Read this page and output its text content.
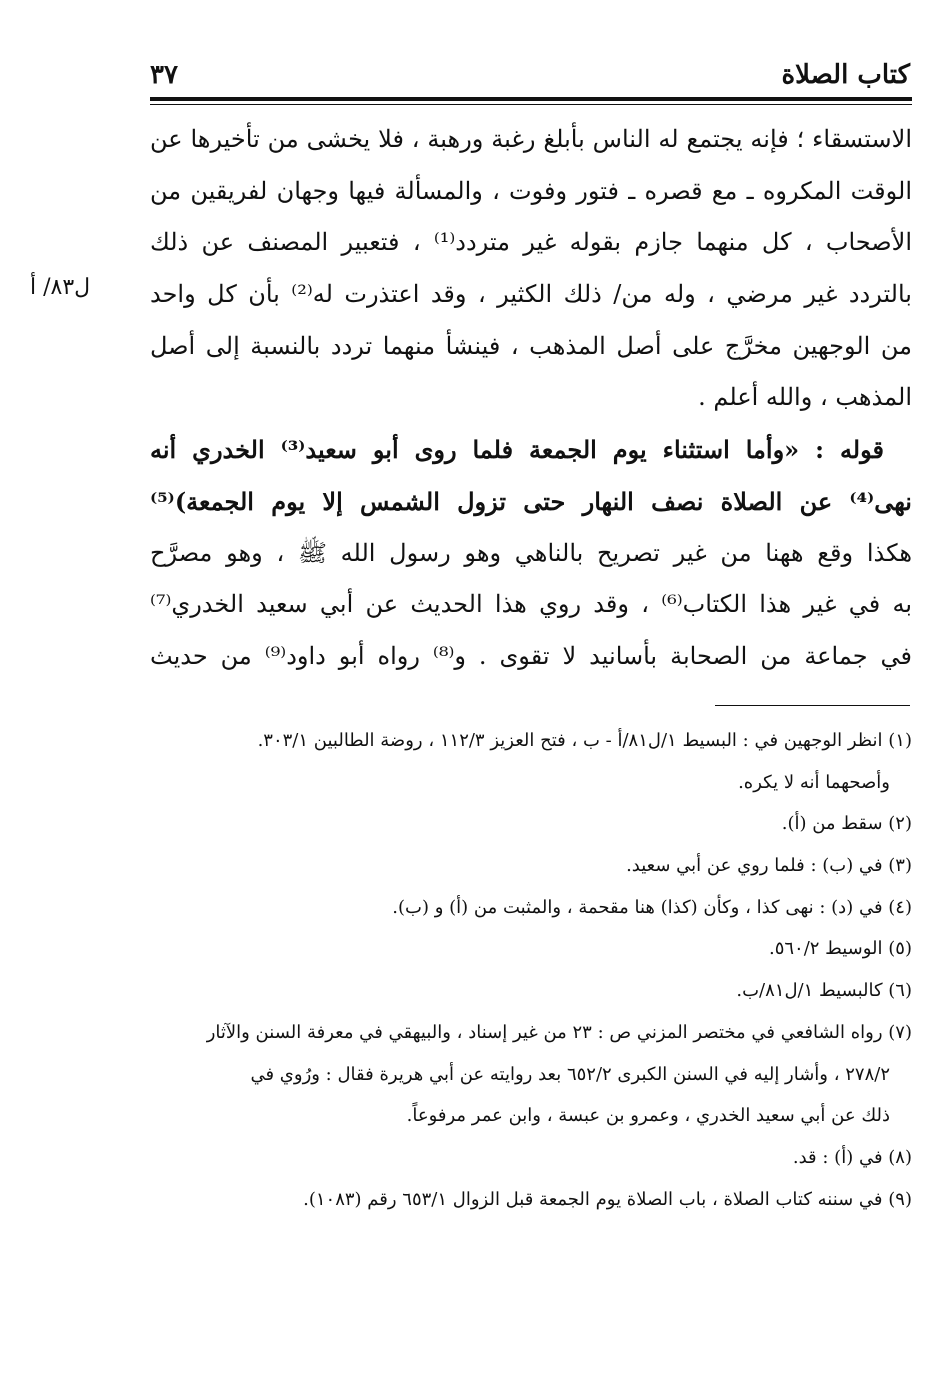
كتاب الصلاة
٣٧
ل٨٣/ أ
الاستسقاء ؛ فإنه يجتمع له الناس بأبلغ رغبة ورهبة ، فلا يخشى من تأخيرها عن
الوقت المكروه ـ مع قصره ـ فتور وفوت ، والمسألة فيها وجهان لفريقين من
الأصحاب ، كل منهما جازم بقوله غير متردد⁽¹⁾ ، فتعبير المصنف عن ذلك
بالتردد غير مرضي ، وله من/ ذلك الكثير ، وقد اعتذرت له⁽²⁾ بأن كل واحد
من الوجهين مخرَّج على أصل المذهب ، فينشأ منهما تردد بالنسبة إلى أصل
المذهب ، والله أعلم .
قوله : «وأما استثناء يوم الجمعة فلما روى أبو سعيد⁽³⁾ الخدري أنه
نهى⁽⁴⁾ عن الصلاة نصف النهار حتى تزول الشمس إلا يوم الجمعة)⁽⁵⁾
هكذا وقع ههنا من غير تصريح بالناهي وهو رسول الله ﷺ ، وهو مصرَّح
به في غير هذا الكتاب⁽⁶⁾ ، وقد روي هذا الحديث عن أبي سعيد الخدري⁽⁷⁾
في جماعة من الصحابة بأسانيد لا تقوى . و⁽⁸⁾ رواه أبو داود⁽⁹⁾ من حديث
(١) انظر الوجهين في : البسيط ١/ل٨١/أ - ب ، فتح العزيز ١١٢/٣ ، روضة الطالبين ٣٠٣/١.
وأصحهما أنه لا يكره.
(٢) سقط من (أ).
(٣) في (ب) : فلما روي عن أبي سعيد.
(٤) في (د) : نهى كذا ، وكأن (كذا) هنا مقحمة ، والمثبت من (أ) و (ب).
(٥) الوسيط ٥٦٠/٢.
(٦) كالبسيط ١/ل٨١/ب.
(٧) رواه الشافعي في مختصر المزني ص : ٢٣ من غير إسناد ، والبيهقي في معرفة السنن والآثار
٢٧٨/٢ ، وأشار إليه في السنن الكبرى ٦٥٢/٢ بعد روايته عن أبي هريرة فقال : ورُوي في
ذلك عن أبي سعيد الخدري ، وعمرو بن عبسة ، وابن عمر مرفوعاً.
(٨) في (أ) : قد.
(٩) في سننه كتاب الصلاة ، باب الصلاة يوم الجمعة قبل الزوال ٦٥٣/١ رقم (١٠٨٣).
